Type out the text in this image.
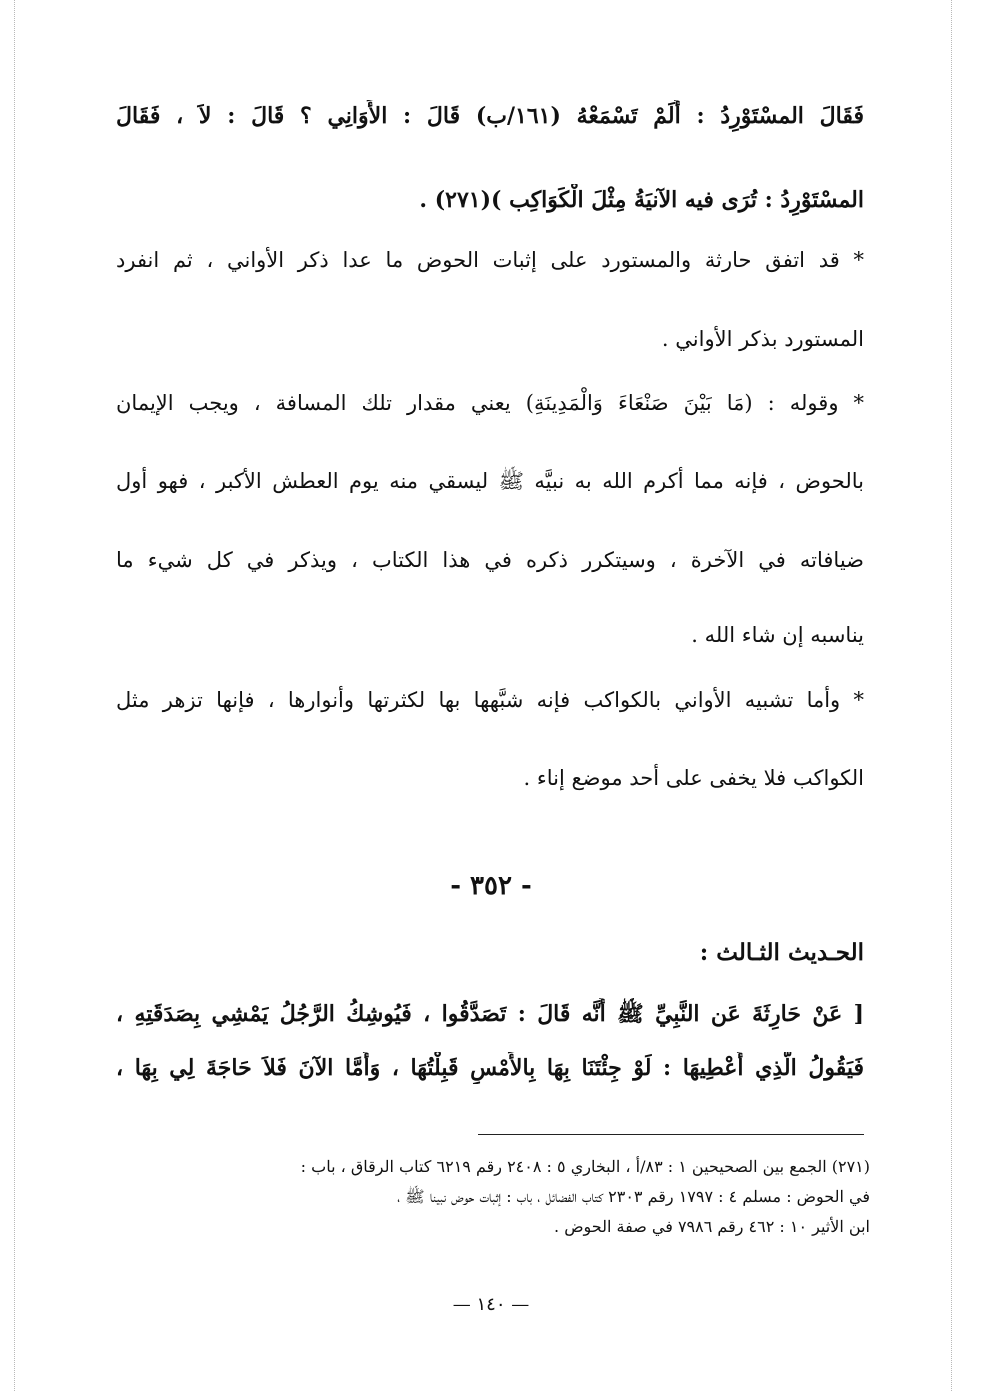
فَقَالَ المسْتَوْرِدُ : أَلَمْ تَسْمَعْهُ (١٦١/ب) قَالَ : الأَوَانِي ؟ قَالَ : لاَ ، فَقَالَ
المسْتَوْرِدُ : تُرَى فيه الآنيَةُ مِثْلَ الْكَوَاكِب )(٢٧١) .
* قد اتفق حارثة والمستورد على إثبات الحوض ما عدا ذكر الأواني ، ثم انفرد
المستورد بذكر الأواني .
* وقوله : (مَا بَيْنَ صَنْعَاءَ وَالْمَدِينَةِ) يعني مقدار تلك المسافة ، ويجب الإيمان
بالحوض ، فإنه مما أكرم الله به نبيَّه ﷺ ليسقي منه يوم العطش الأكبر ، فهو أول
ضيافاته في الآخرة ، وسيتكرر ذكره في هذا الكتاب ، ويذكر في كل شيء ما
يناسبه إن شاء الله .
* وأما تشبيه الأواني بالكواكب فإنه شبَّهها بها لكثرتها وأنوارها ، فإنها تزهر مثل
الكواكب فلا يخفى على أحد موضع إناء .
- ٣٥٢ -
الحـديث الثـالث :
[ عَنْ حَارِثَةَ عَن النَّبِيِّ ﷺ أَنَّه قَالَ : تَصَدَّقُوا ، فَيُوشِكُ الرَّجُلُ يَمْشِي بِصَدَقَتِهِ ،
فَيَقُولُ الَّذِي أُعْطِيهَا : لَوْ جِئْتَنَا بِهَا بِالأَمْسِ قَبِلْتُهَا ، وَأَمَّا الآنَ فَلاَ حَاجَةَ لِي بِهَا ،
(٢٧١) الجمع بين الصحيحين ١ : ٨٣/أ ، البخاري ٥ : ٢٤٠٨ رقم ٦٢١٩ كتاب الرقاق ، باب :
في الحوض : مسلم ٤ : ١٧٩٧ رقم ٢٣٠٣ كتاب الفضائل ، باب : إثبات حوض نبينا ﷺ ،
ابن الأثير ١٠ : ٤٦٢ رقم ٧٩٨٦ في صفة الحوض .
— ١٤٠ —
